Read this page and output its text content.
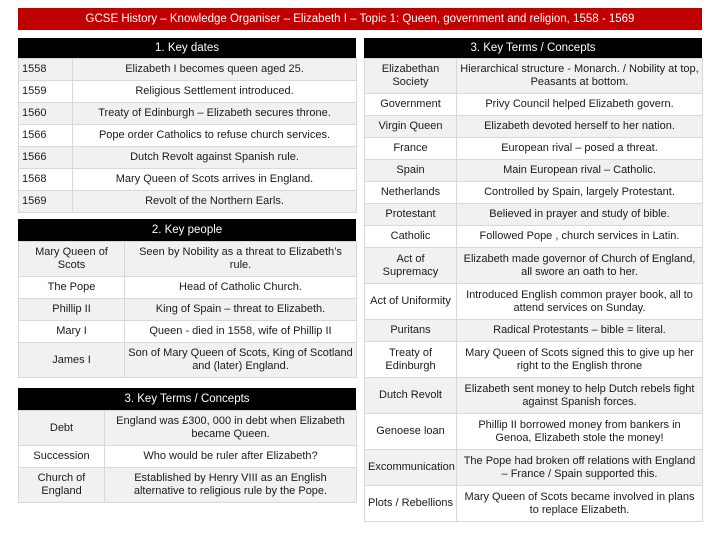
GCSE History – Knowledge Organiser – Elizabeth I – Topic 1: Queen, government and religion, 1558 - 1569
1. Key dates
1558	Elizabeth I becomes queen aged 25.
1559	Religious Settlement introduced.
1560	Treaty of Edinburgh – Elizabeth secures throne.
1566	Pope order Catholics to refuse church services.
1566	Dutch Revolt against Spanish rule.
1568	Mary Queen of Scots arrives in England.
1569	Revolt of the Northern Earls.
2. Key people
Mary Queen of Scots	Seen by Nobility as a threat to Elizabeth’s rule.
The Pope	Head of Catholic Church.
Phillip II	King of Spain – threat to Elizabeth.
Mary I	Queen - died in 1558, wife of Phillip II
James I	Son of Mary Queen of Scots, King of Scotland and (later) England.
3. Key Terms / Concepts
Debt	England was £300, 000 in debt when Elizabeth became Queen.
Succession	Who would be ruler after Elizabeth?
Church of England	Established by Henry VIII as an English alternative to religious rule by the Pope.
3. Key Terms / Concepts
Elizabethan Society	Hierarchical structure - Monarch. / Nobility at top, Peasants at bottom.
Government	Privy Council helped Elizabeth govern.
Virgin Queen	Elizabeth devoted herself to her nation.
France	European rival – posed a threat.
Spain	Main European rival – Catholic.
Netherlands	Controlled by Spain, largely Protestant.
Protestant	Believed in prayer and study of bible.
Catholic	Followed Pope , church services in Latin.
Act of Supremacy	Elizabeth made governor of Church of England, all swore an oath to her.
Act of Uniformity	Introduced English common prayer book, all to attend services on Sunday.
Puritans	Radical Protestants – bible = literal.
Treaty of Edinburgh	Mary Queen of Scots signed this to give up her right to the English throne
Dutch Revolt	Elizabeth sent money to help Dutch rebels fight against Spanish forces.
Genoese loan	Phillip II borrowed money from bankers in Genoa, Elizabeth stole the money!
Excommunication	The Pope had broken off relations with England – France / Spain supported this.
Plots / Rebellions	Mary Queen of Scots became involved in plans to replace Elizabeth.
